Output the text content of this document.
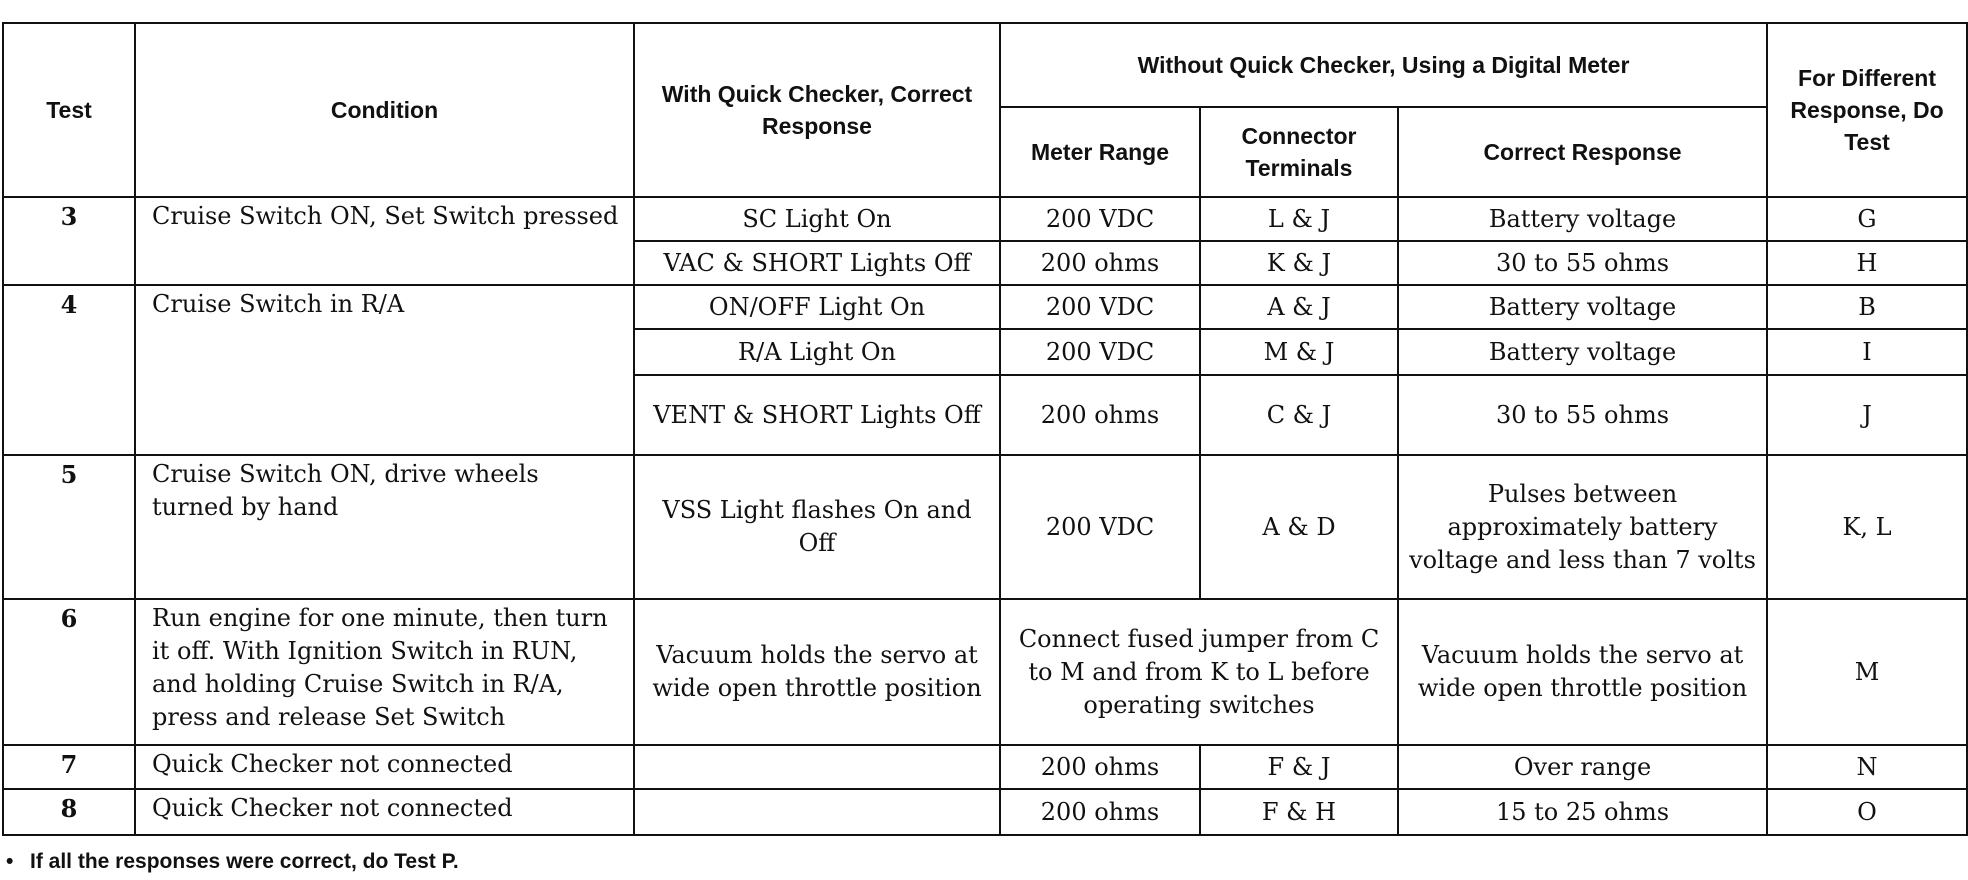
Test	Condition	With Quick Checker, Correct Response	Without Quick Checker, Using a Digital Meter			For Different Response, Do Test
			Meter Range	Connector Terminals	Correct Response	
3	Cruise Switch ON, Set Switch pressed	SC Light On	200 VDC	L & J	Battery voltage	G
		VAC & SHORT Lights Off	200 ohms	K & J	30 to 55 ohms	H
4	Cruise Switch in R/A	ON/OFF Light On	200 VDC	A & J	Battery voltage	B
		R/A Light On	200 VDC	M & J	Battery voltage	I
		VENT & SHORT Lights Off	200 ohms	C & J	30 to 55 ohms	J
5	Cruise Switch ON, drive wheels turned by hand	VSS Light flashes On and Off	200 VDC	A & D	Pulses between approximately battery voltage and less than 7 volts	K, L
6	Run engine for one minute, then turn it off. With Ignition Switch in RUN, and holding Cruise Switch in R/A, press and release Set Switch	Vacuum holds the servo at wide open throttle position	Connect fused jumper from C to M and from K to L before operating switches		Vacuum holds the servo at wide open throttle position	M
7	Quick Checker not connected		200 ohms	F & J	Over range	N
8	Quick Checker not connected		200 ohms	F & H	15 to 25 ohms	O
• If all the responses were correct, do Test P.
